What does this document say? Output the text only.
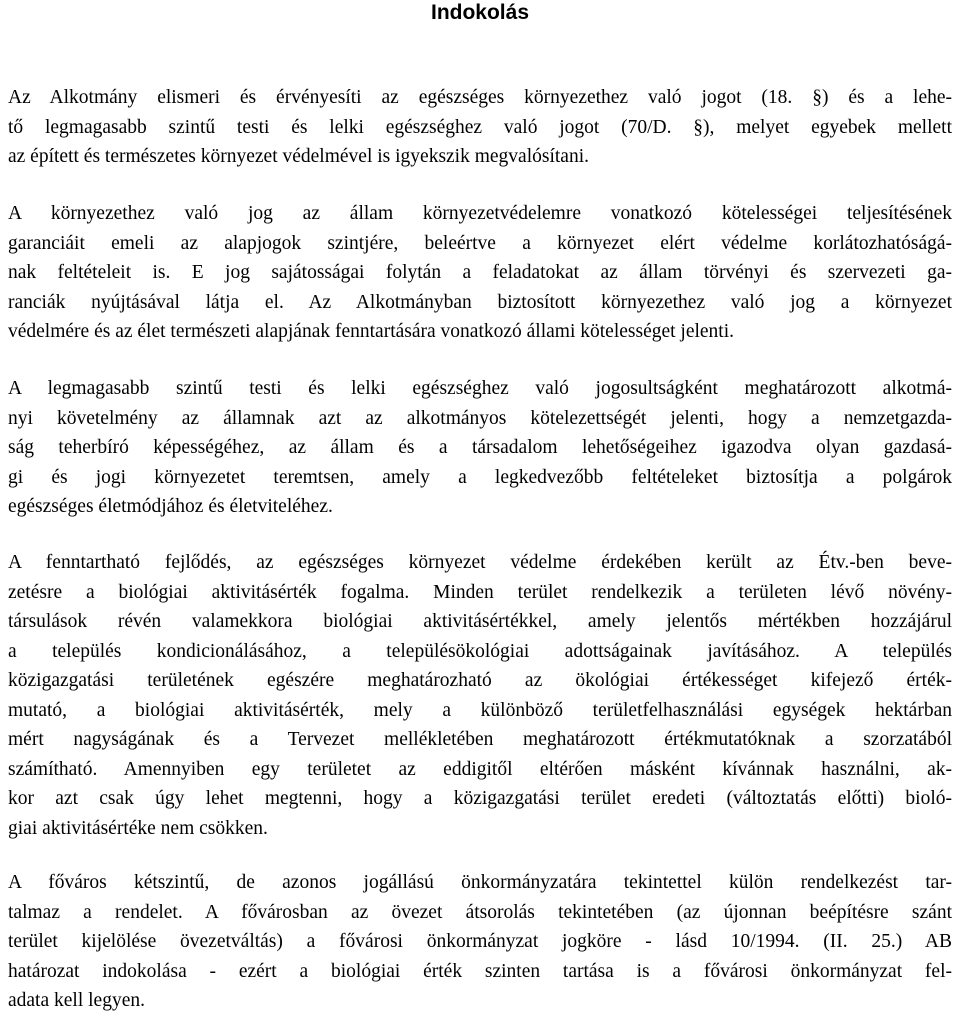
Indokolás

Az Alkotmány elismeri és érvényesíti az egészséges környezethez való jogot (18. §) és a lehe-
tő legmagasabb szintű testi és lelki egészséghez való jogot (70/D. §), melyet egyebek mellett
az épített és természetes környezet védelmével is igyekszik megvalósítani.

A környezethez való jog az állam környezetvédelemre vonatkozó kötelességei teljesítésének
garanciáit emeli az alapjogok szintjére, beleértve a környezet elért védelme korlátozhatóságá-
nak feltételeit is. E jog sajátosságai folytán a feladatokat az állam törvényi és szervezeti ga-
ranciák nyújtásával látja el. Az Alkotmányban biztosított környezethez való jog a környezet
védelmére és az élet természeti alapjának fenntartására vonatkozó állami kötelességet jelenti.

A legmagasabb szintű testi és lelki egészséghez való jogosultságként meghatározott alkotmá-
nyi követelmény az államnak azt az alkotmányos kötelezettségét jelenti, hogy a nemzetgazda-
ság teherbíró képességéhez, az állam és a társadalom lehetőségeihez igazodva olyan gazdasá-
gi és jogi környezetet teremtsen, amely a legkedvezőbb feltételeket biztosítja a polgárok
egészséges életmódjához és életviteléhez.

A fenntartható fejlődés, az egészséges környezet védelme érdekében került az Étv.-ben beve-
zetésre a biológiai aktivitásérték fogalma. Minden terület rendelkezik a területen lévő növény-
társulások révén valamekkora biológiai aktivitásértékkel, amely jelentős mértékben hozzájárul
a település kondicionálásához, a településökológiai adottságainak javításához. A település
közigazgatási területének egészére meghatározható az ökológiai értékességet kifejező érték-
mutató, a biológiai aktivitásérték, mely a különböző területfelhasználási egységek hektárban
mért nagyságának és a Tervezet mellékletében meghatározott értékmutatóknak a szorzatából
számítható. Amennyiben egy területet az eddigitől eltérően másként kívánnak használni, ak-
kor azt csak úgy lehet megtenni, hogy a közigazgatási terület eredeti (változtatás előtti) bioló-
giai aktivitásértéke nem csökken.

A főváros kétszintű, de azonos jogállású önkormányzatára tekintettel külön rendelkezést tar-
talmaz a rendelet. A fővárosban az övezet átsorolás tekintetében (az újonnan beépítésre szánt
terület kijelölése övezetváltás) a fővárosi önkormányzat jogköre - lásd 10/1994. (II. 25.) AB
határozat indokolása - ezért a biológiai érték szinten tartása is a fővárosi önkormányzat fel-
adata kell legyen.
